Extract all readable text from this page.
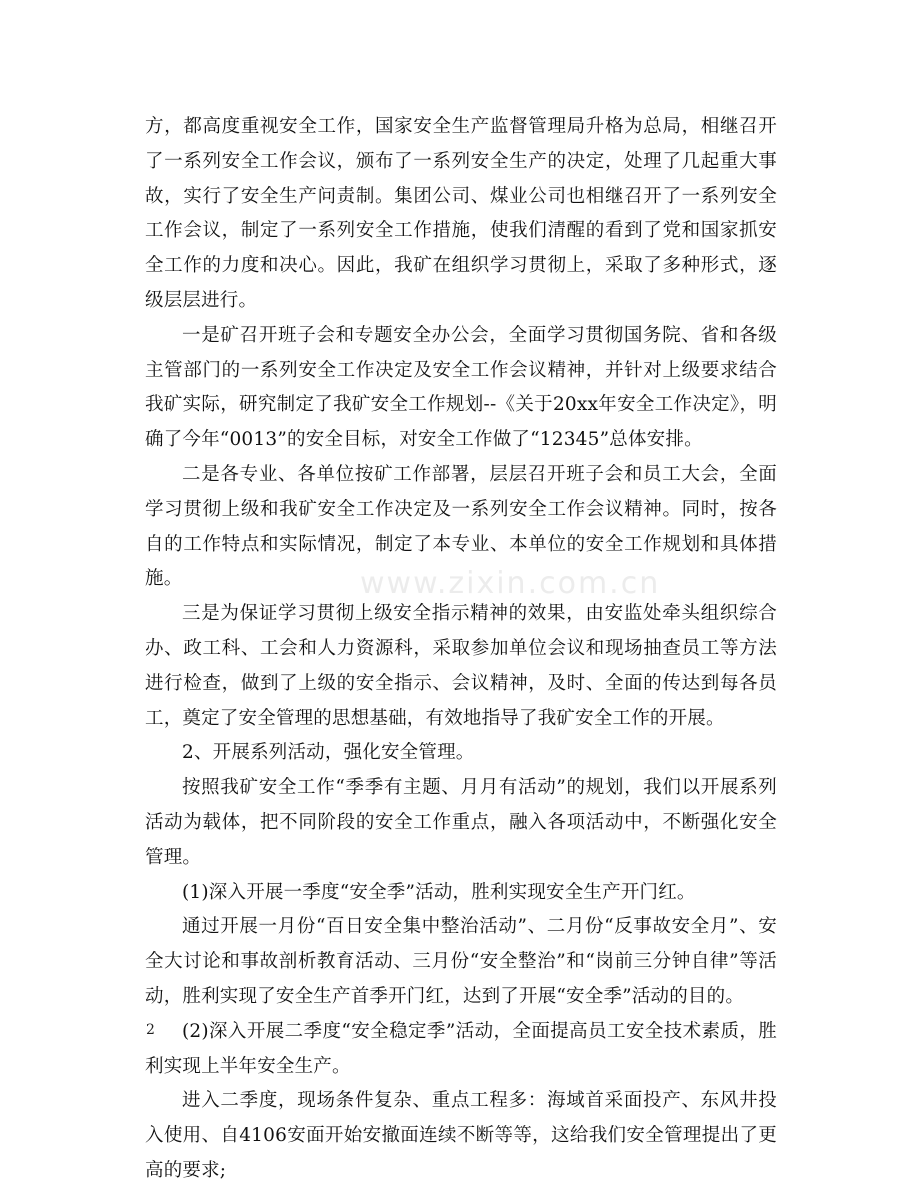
方，都高度重视安全工作，国家安全生产监督管理局升格为总局，相继召开了一系列安全工作会议，颁布了一系列安全生产的决定，处理了几起重大事故，实行了安全生产问责制。集团公司、煤业公司也相继召开了一系列安全工作会议，制定了一系列安全工作措施，使我们清醒的看到了党和国家抓安全工作的力度和决心。因此，我矿在组织学习贯彻上，采取了多种形式，逐级层层进行。

一是矿召开班子会和专题安全办公会，全面学习贯彻国务院、省和各级主管部门的一系列安全工作决定及安全工作会议精神，并针对上级要求结合我矿实际，研究制定了我矿安全工作规划--《关于20xx年安全工作决定》，明确了今年“0013”的安全目标，对安全工作做了“12345”总体安排。

二是各专业、各单位按矿工作部署，层层召开班子会和员工大会，全面学习贯彻上级和我矿安全工作决定及一系列安全工作会议精神。同时，按各自的工作特点和实际情况，制定了本专业、本单位的安全工作规划和具体措施。

三是为保证学习贯彻上级安全指示精神的效果，由安监处牵头组织综合办、政工科、工会和人力资源科，采取参加单位会议和现场抽查员工等方法进行检查，做到了上级的安全指示、会议精神，及时、全面的传达到每各员工，奠定了安全管理的思想基础，有效地指导了我矿安全工作的开展。

2、开展系列活动，强化安全管理。

按照我矿安全工作“季季有主题、月月有活动”的规划，我们以开展系列活动为载体，把不同阶段的安全工作重点，融入各项活动中，不断强化安全管理。

(1)深入开展一季度“安全季”活动，胜利实现安全生产开门红。

通过开展一月份“百日安全集中整治活动”、二月份“反事故安全月”、安全大讨论和事故剖析教育活动、三月份“安全整治”和“岗前三分钟自律”等活动，胜利实现了安全生产首季开门红，达到了开展“安全季”活动的目的。

(2)深入开展二季度“安全稳定季”活动，全面提高员工安全技术素质，胜利实现上半年安全生产。

进入二季度，现场条件复杂、重点工程多：海域首采面投产、东风井投入使用、自4106安面开始安撤面连续不断等等，这给我们安全管理提出了更高的要求;

www.zixin.com.cn
2
